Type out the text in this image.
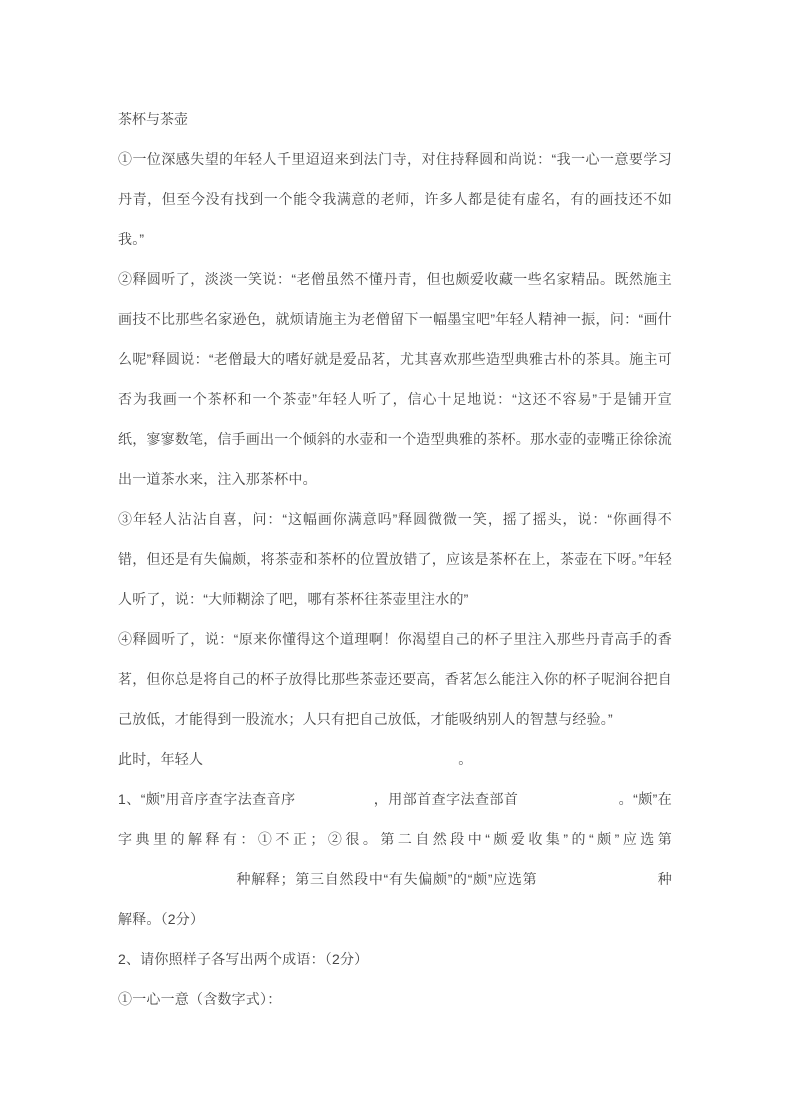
茶杯与茶壶

①一位深感失望的年轻人千里迢迢来到法门寺，对住持释圆和尚说：“我一心一意要学习丹青，但至今没有找到一个能令我满意的老师，许多人都是徒有虚名，有的画技还不如我。”

②释圆听了，淡淡一笑说：“老僧虽然不懂丹青，但也颇爱收藏一些名家精品。既然施主画技不比那些名家逊色，就烦请施主为老僧留下一幅墨宝吧”年轻人精神一振，问：“画什么呢”释圆说：“老僧最大的嗜好就是爱品茗，尤其喜欢那些造型典雅古朴的茶具。施主可否为我画一个茶杯和一个茶壶”年轻人听了，信心十足地说：“这还不容易”于是铺开宣纸，寥寥数笔，信手画出一个倾斜的水壶和一个造型典雅的茶杯。那水壶的壶嘴正徐徐流出一道茶水来，注入那茶杯中。

③年轻人沾沾自喜，问：“这幅画你满意吗”释圆微微一笑，摇了摇头，说：“你画得不错，但还是有失偏颇，将茶壶和茶杯的位置放错了，应该是茶杯在上，茶壶在下呀。”年轻人听了，说：“大师糊涂了吧，哪有茶杯往茶壶里注水的”

④释圆听了，说：“原来你懂得这个道理啊！你渴望自己的杯子里注入那些丹青高手的香茗，但你总是将自己的杯子放得比那些茶壶还要高，香茗怎么能注入你的杯子呢涧谷把自己放低，才能得到一股流水；人只有把自己放低，才能吸纳别人的智慧与经验。”

此时，年轻人	。

1、“颇”用音序查字法查音序	，用部首查字法查部首	。“颇”在字典里的解释有：①不正；②很。第二自然段中“颇爱收集”的“颇”应选第种解释；第三自然段中“有失偏颇”的“颇”应选第	种解释。（2分）

2、请你照样子各写出两个成语：（2分）

①一心一意（含数字式）：
